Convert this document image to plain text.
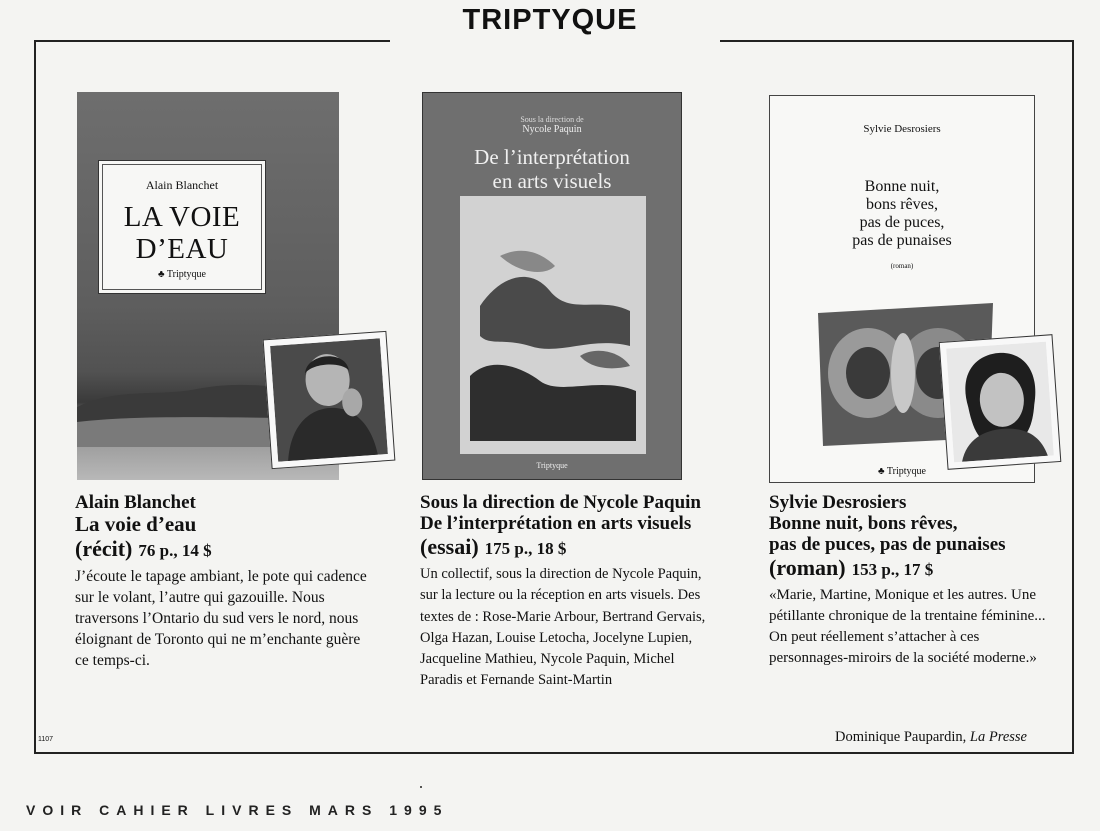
TRIPTYQUE
Alain Blanchet
LA VOIE
D’EAU
♣ Triptyque
Sous la direction de
Nycole Paquin
De l’interprétation
en arts visuels
Triptyque
Sylvie Desrosiers
Bonne nuit,
bons rêves,
pas de puces,
pas de punaises
(roman)
♣ Triptyque
Alain Blanchet
La voie d’eau
(récit) 76 p., 14 $
J’écoute le tapage ambiant, le pote qui cadence sur le volant, l’autre qui gazouille. Nous traversons l’Ontario du sud vers le nord, nous éloignant de Toronto qui ne m’enchante guère ce temps-ci.
Sous la direction de Nycole Paquin
De l’interprétation en arts visuels
(essai) 175 p., 18 $
Un collectif, sous la direction de Nycole Paquin, sur la lecture ou la réception en arts visuels. Des textes de : Rose-Marie Arbour, Bertrand Gervais, Olga Hazan, Louise Letocha, Jocelyne Lupien, Jacqueline Mathieu, Nycole Paquin, Michel Paradis et Fernande Saint-Martin
Sylvie Desrosiers
Bonne nuit, bons rêves,
pas de puces, pas de punaises
(roman) 153 p., 17 $
«Marie, Martine, Monique et les autres. Une pétillante chronique de la trentaine féminine... On peut réellement s’attacher à ces personnages-miroirs de la société moderne.»
Dominique Paupardin, La Presse
1107
VOIR CAHIER LIVRES MARS 1995
